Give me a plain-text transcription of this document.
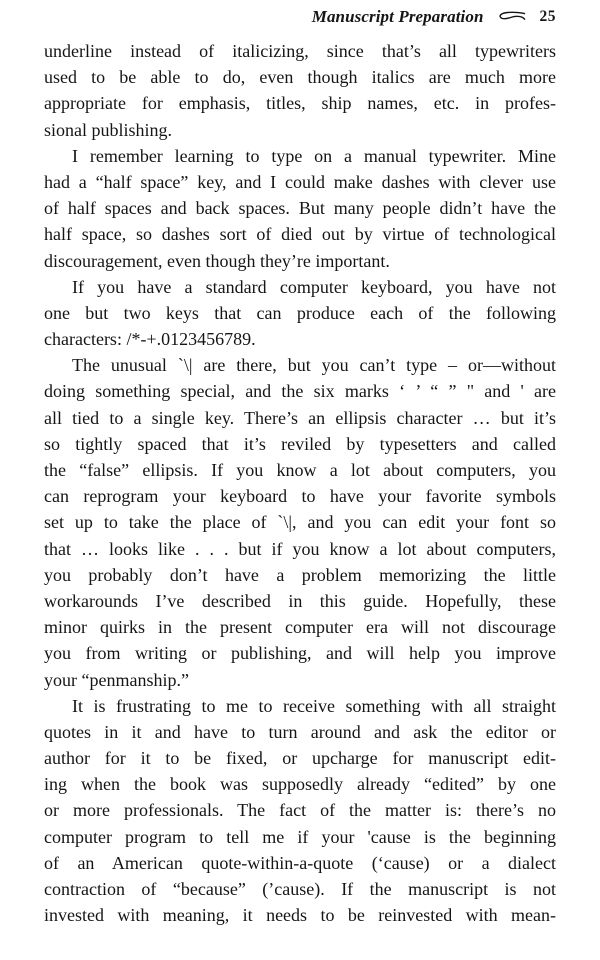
Manuscript Preparation	25
underline instead of italicizing, since that’s all typewriters
used to be able to do, even though italics are much more
appropriate for emphasis, titles, ship names, etc. in profes-
sional publishing.
I remember learning to type on a manual typewriter. Mine
had a “half space” key, and I could make dashes with clever use
of half spaces and back spaces. But many people didn’t have the
half space, so dashes sort of died out by virtue of technological
discouragement, even though they’re important.
If you have a standard computer keyboard, you have not
one but two keys that can produce each of the following
characters: /*-+.0123456789.
The unusual `\| are there, but you can’t type – or—without
doing something special, and the six marks ‘ ’ “ ” " and ' are
all tied to a single key. There’s an ellipsis character … but it’s
so tightly spaced that it’s reviled by typesetters and called
the “false” ellipsis. If you know a lot about computers, you
can reprogram your keyboard to have your favorite symbols
set up to take the place of `\|, and you can edit your font so
that … looks like . . . but if you know a lot about computers,
you probably don’t have a problem memorizing the little
workarounds I’ve described in this guide. Hopefully, these
minor quirks in the present computer era will not discourage
you from writing or publishing, and will help you improve
your “penmanship.”
It is frustrating to me to receive something with all straight
quotes in it and have to turn around and ask the editor or
author for it to be fixed, or upcharge for manuscript edit-
ing when the book was supposedly already “edited” by one
or more professionals. The fact of the matter is: there’s no
computer program to tell me if your 'cause is the beginning
of an American quote-within-a-quote (‘cause) or a dialect
contraction of “because” (’cause). If the manuscript is not
invested with meaning, it needs to be reinvested with mean-
